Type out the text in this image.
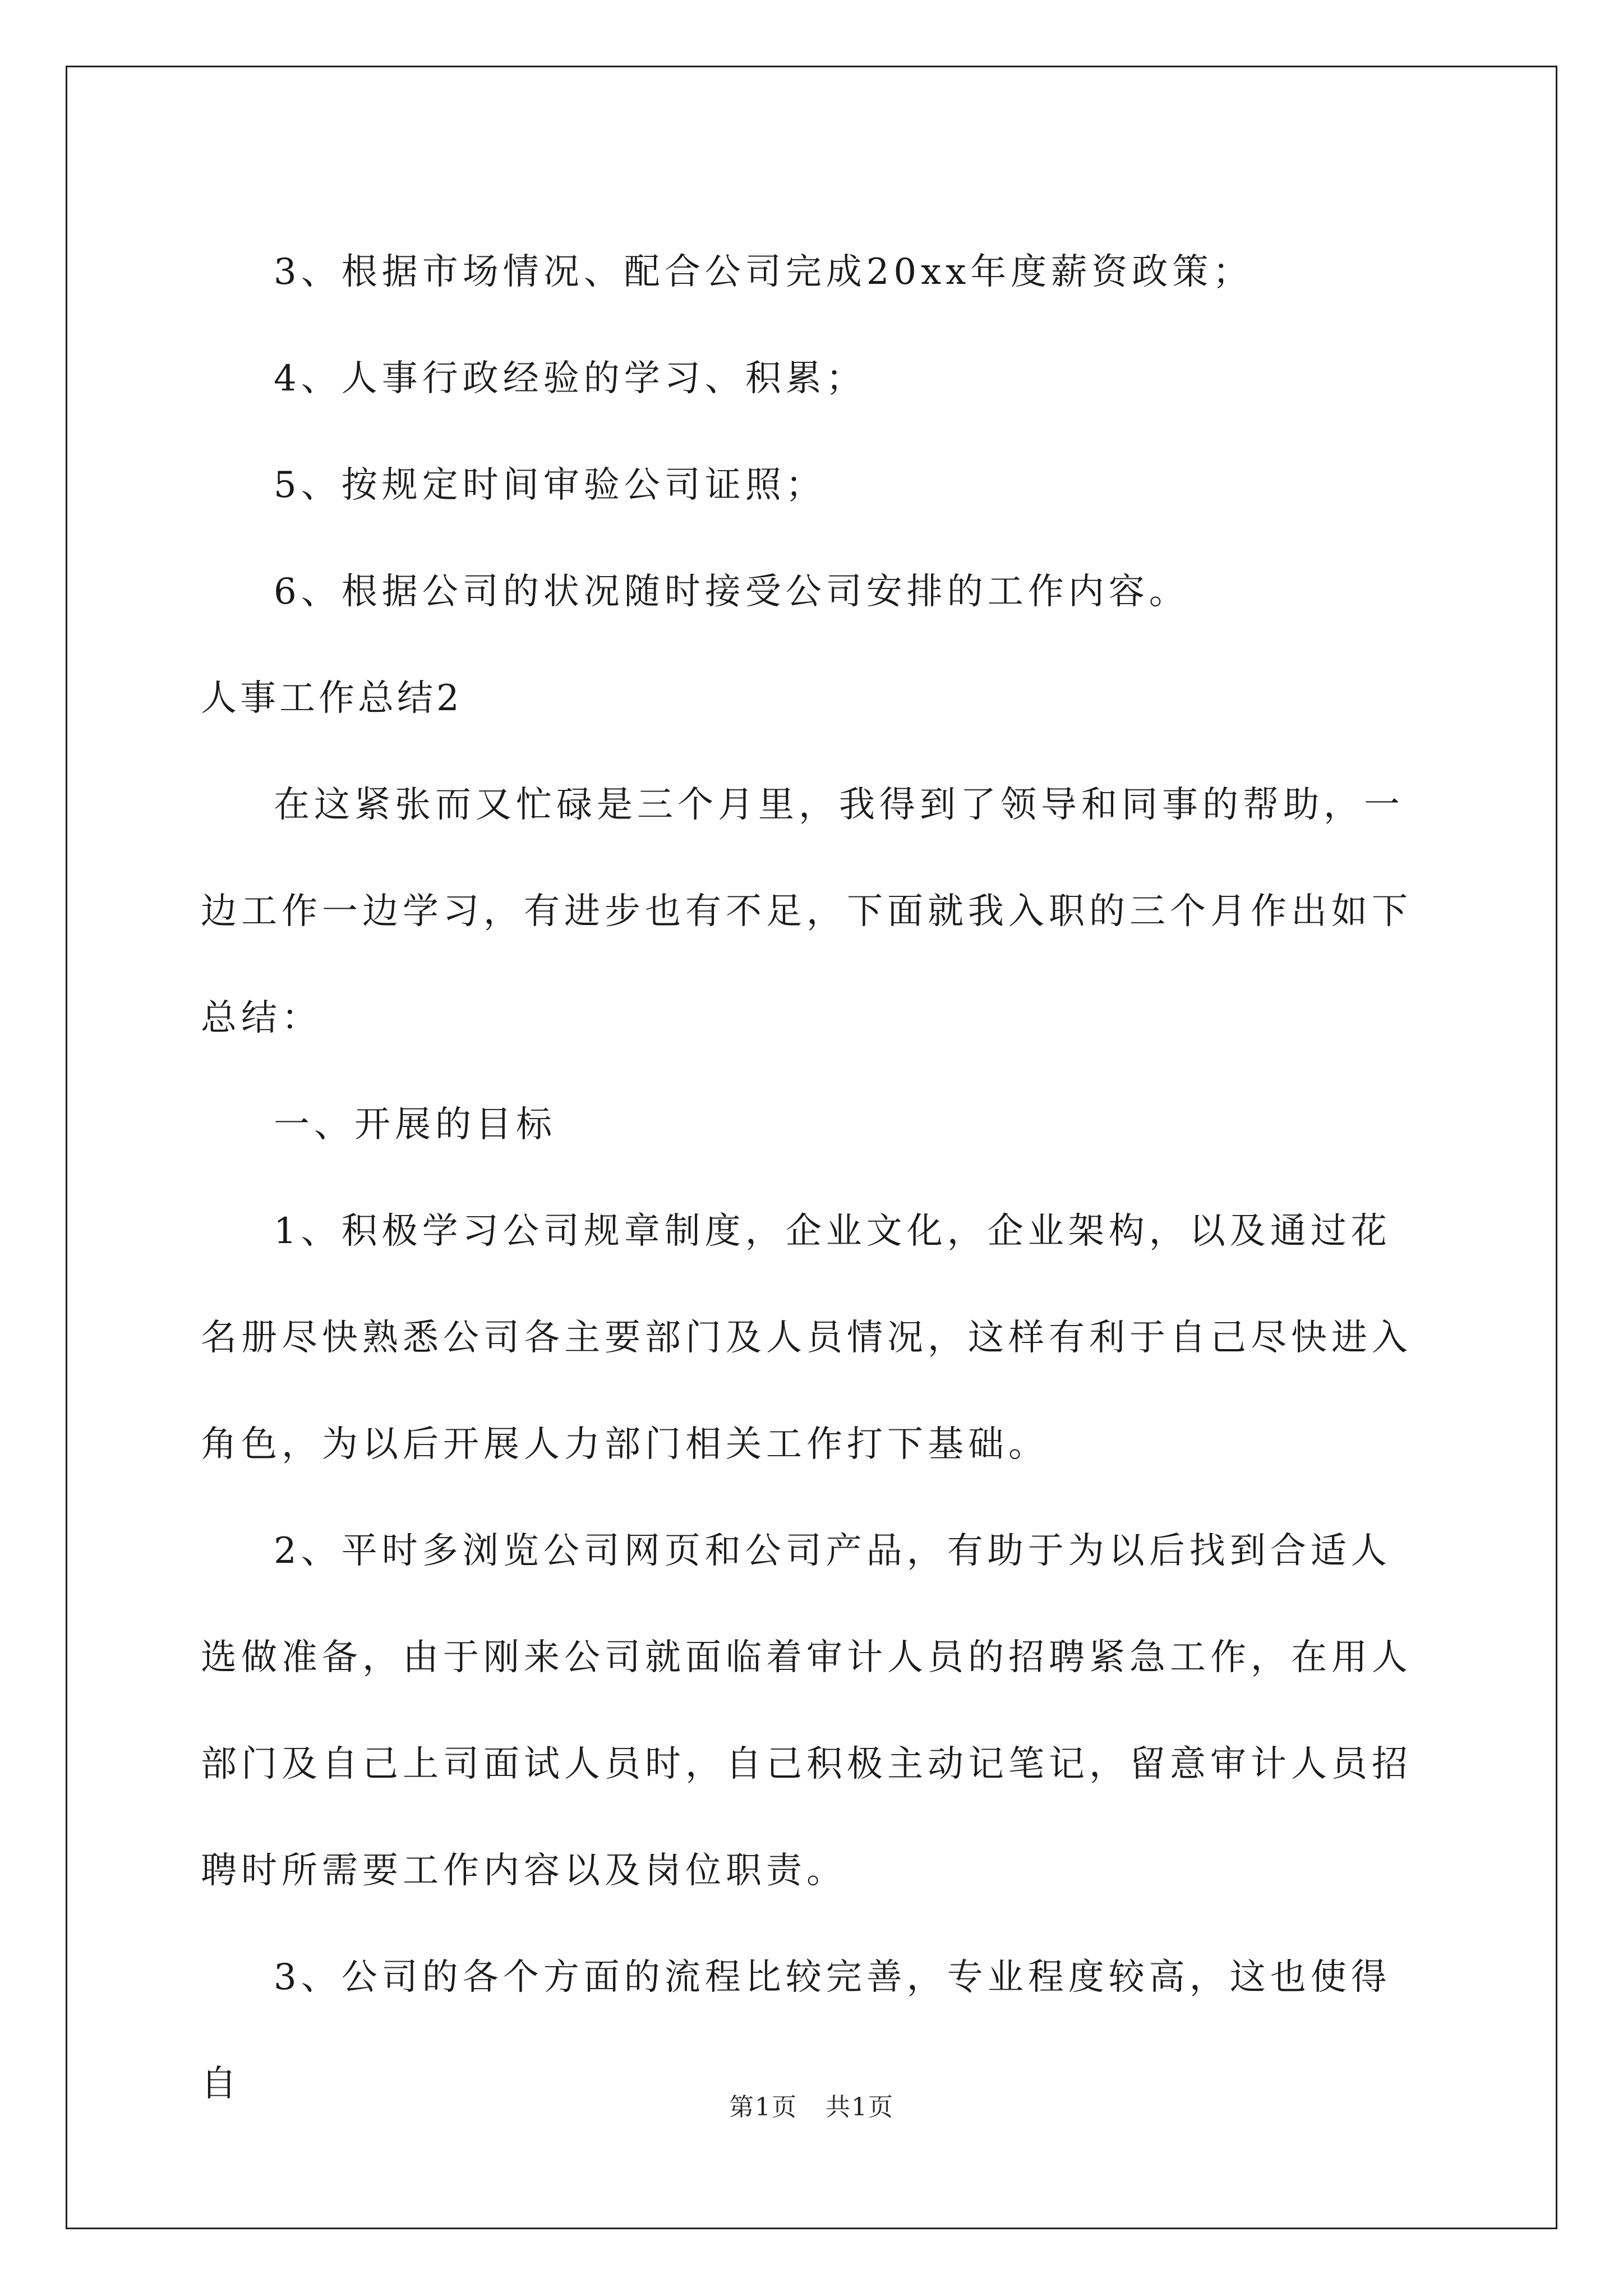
3、根据市场情况、配合公司完成20xx年度薪资政策；

4、人事行政经验的学习、积累；

5、按规定时间审验公司证照；

6、根据公司的状况随时接受公司安排的工作内容。

人事工作总结2

在这紧张而又忙碌是三个月里，我得到了领导和同事的帮助，一边工作一边学习，有进步也有不足，下面就我入职的三个月作出如下总结：

一、开展的目标

1、积极学习公司规章制度，企业文化，企业架构，以及通过花名册尽快熟悉公司各主要部门及人员情况，这样有利于自己尽快进入角色，为以后开展人力部门相关工作打下基础。

2、平时多浏览公司网页和公司产品，有助于为以后找到合适人选做准备，由于刚来公司就面临着审计人员的招聘紧急工作，在用人部门及自己上司面试人员时，自己积极主动记笔记，留意审计人员招聘时所需要工作内容以及岗位职责。

3、公司的各个方面的流程比较完善，专业程度较高，这也使得自

第1页 共1页
